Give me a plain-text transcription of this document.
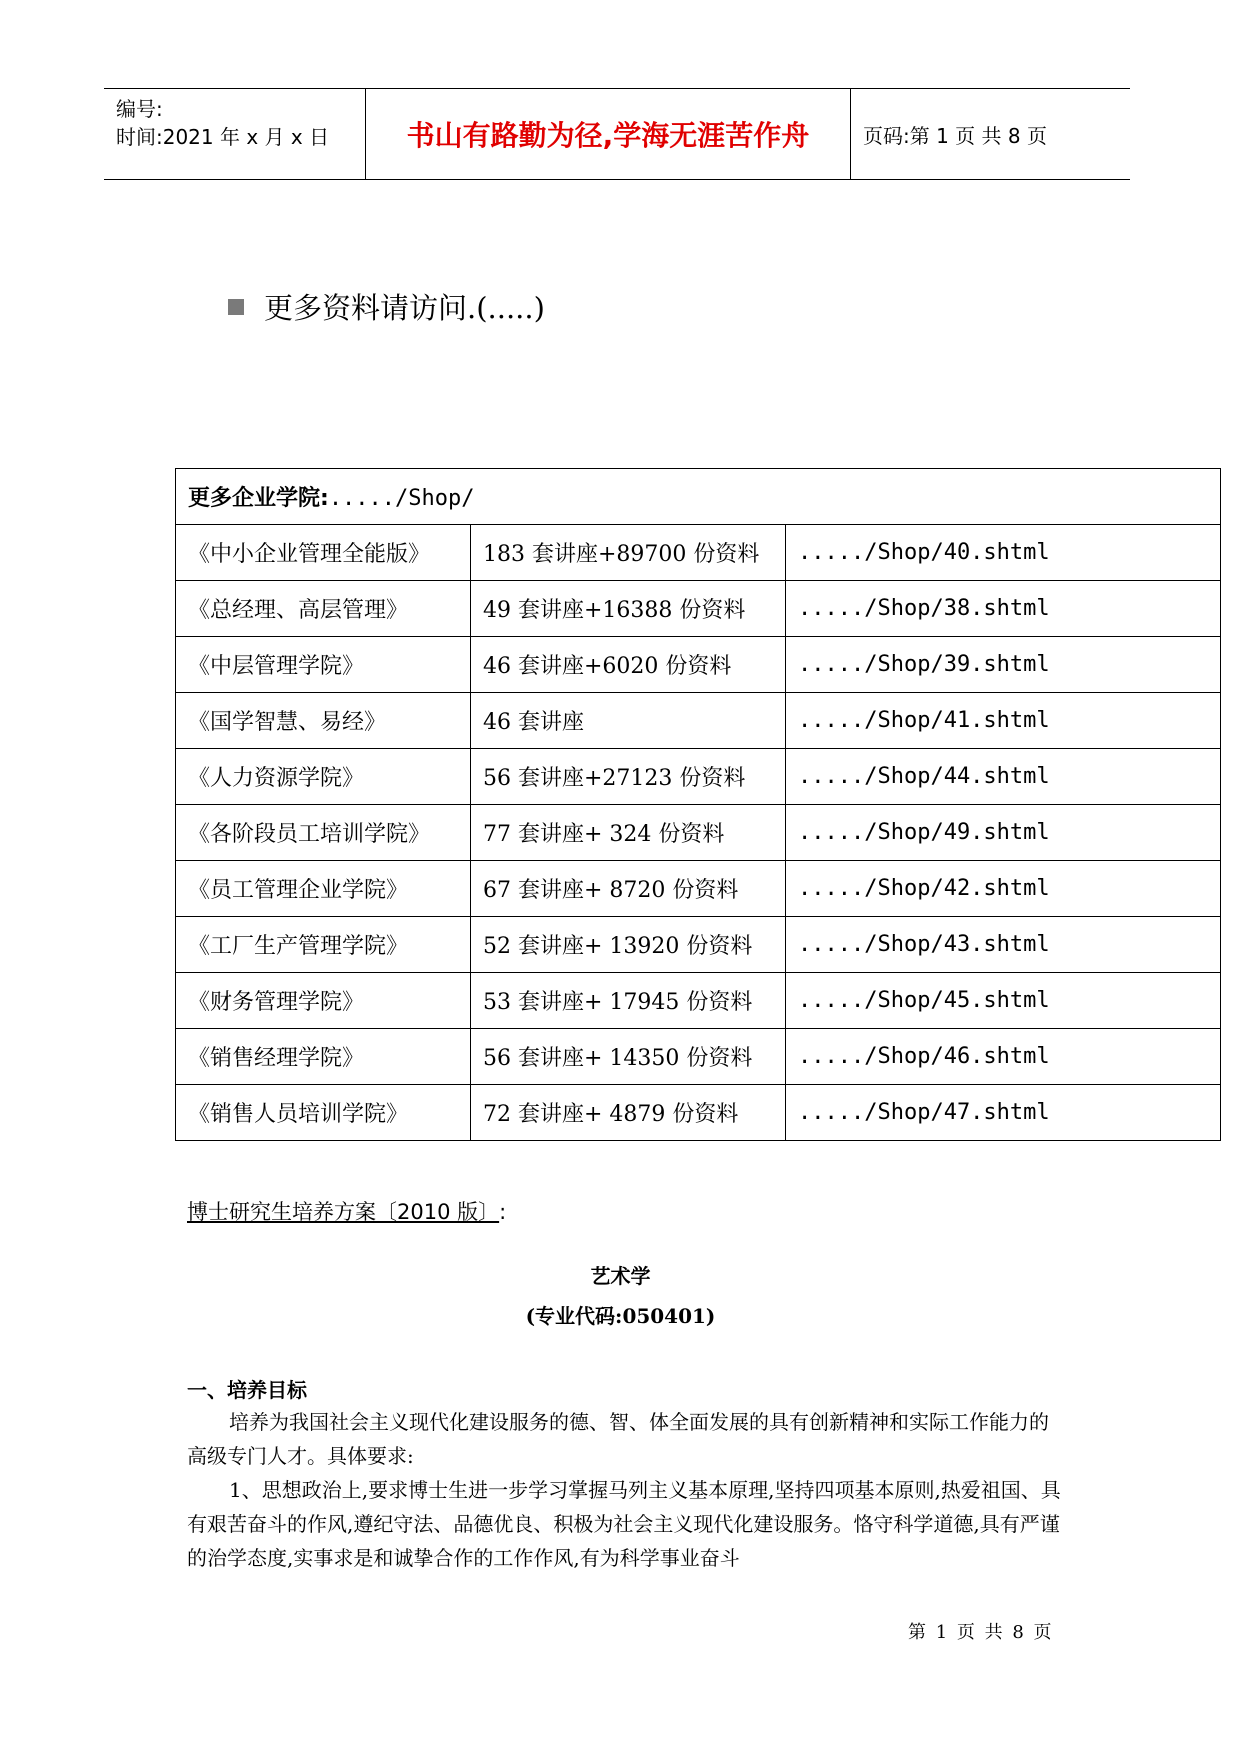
编号:
时间:2021 年 x 月 x 日	书山有路勤为径,学海无涯苦作舟	页码:第 1 页 共 8 页
更多资料请访问.(.....)
更多企业学院:...../Shop/		
《中小企业管理全能版》	183 套讲座+89700 份资料	...../Shop/40.shtml
《总经理、高层管理》	49 套讲座+16388 份资料	...../Shop/38.shtml
《中层管理学院》	46 套讲座+6020 份资料	...../Shop/39.shtml
《国学智慧、易经》	46 套讲座	...../Shop/41.shtml
《人力资源学院》	56 套讲座+27123 份资料	...../Shop/44.shtml
《各阶段员工培训学院》	77 套讲座+ 324 份资料	...../Shop/49.shtml
《员工管理企业学院》	67 套讲座+ 8720 份资料	...../Shop/42.shtml
《工厂生产管理学院》	52 套讲座+ 13920 份资料	...../Shop/43.shtml
《财务管理学院》	53 套讲座+ 17945 份资料	...../Shop/45.shtml
《销售经理学院》	56 套讲座+ 14350 份资料	...../Shop/46.shtml
《销售人员培训学院》	72 套讲座+ 4879 份资料	...../Shop/47.shtml
博士研究生培养方案〔2010 版〕:
艺术学
(专业代码:050401)
一、培养目标

培养为我国社会主义现代化建设服务的德、智、体全面发展的具有创新精神和实际工作能力的高级专门人才。具体要求:

1、思想政治上,要求博士生进一步学习掌握马列主义基本原理,坚持四项基本原则,热爱祖国、具有艰苦奋斗的作风,遵纪守法、品德优良、积极为社会主义现代化建设服务。恪守科学道德,具有严谨的治学态度,实事求是和诚挚合作的工作作风,有为科学事业奋斗

第 1 页 共 8 页
